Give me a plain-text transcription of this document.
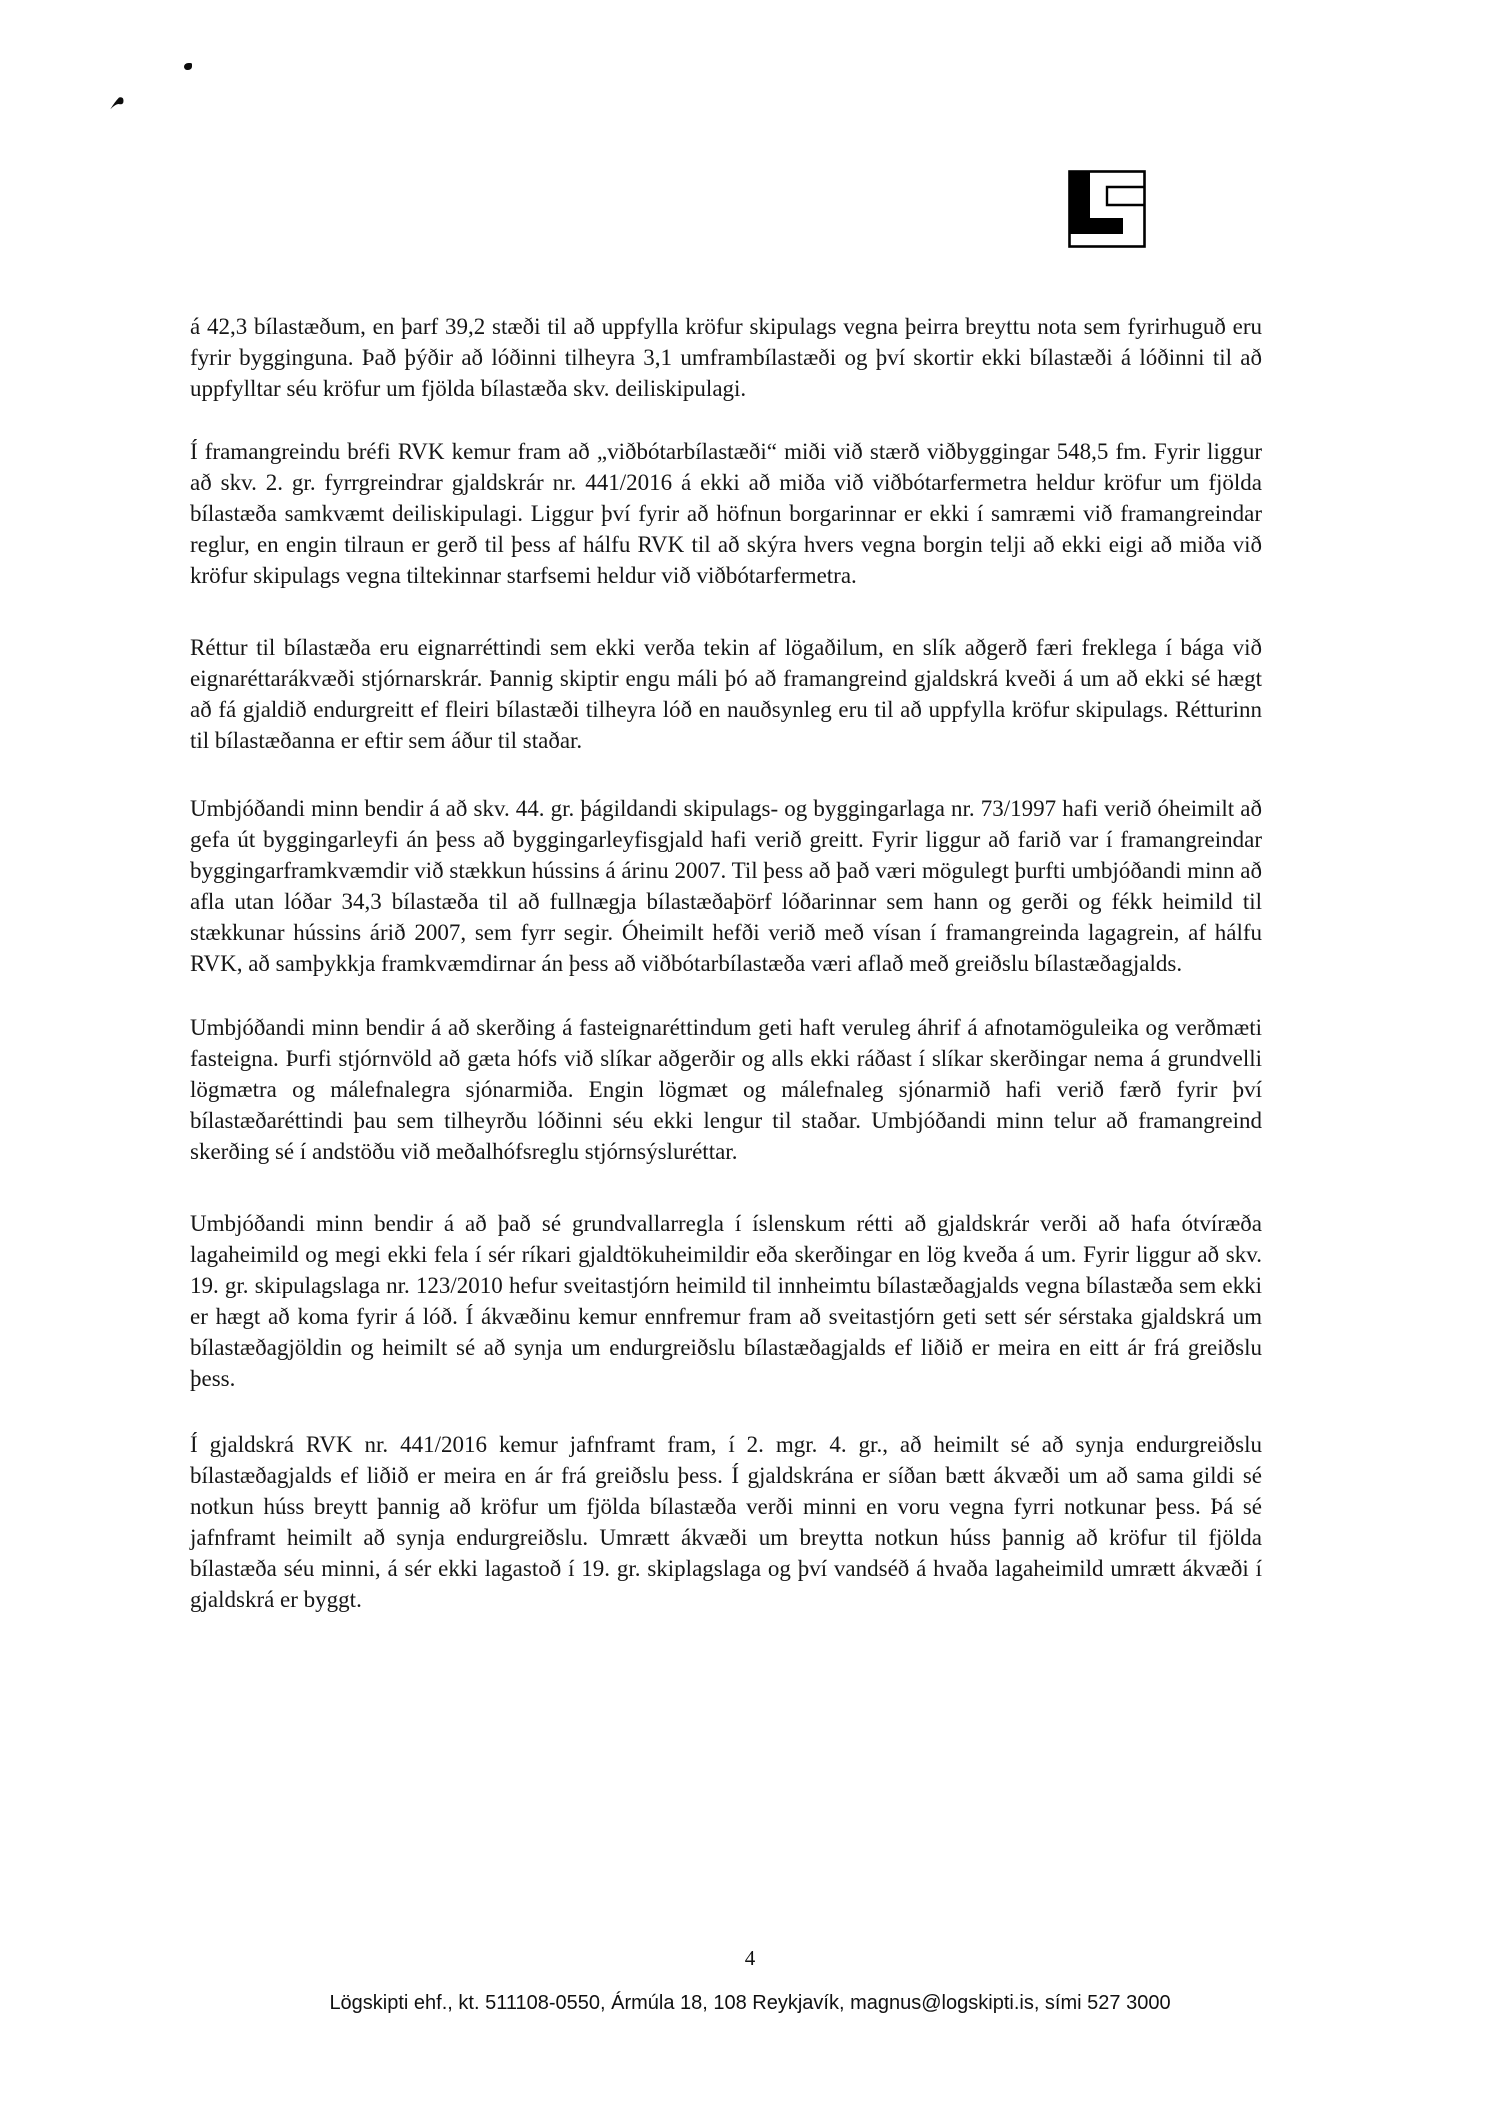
á 42,3 bílastæðum, en þarf 39,2 stæði til að uppfylla kröfur skipulags vegna þeirra breyttu nota sem fyrirhuguð eru fyrir bygginguna. Það þýðir að lóðinni tilheyra 3,1 umframbílastæði og því skortir ekki bílastæði á lóðinni til að uppfylltar séu kröfur um fjölda bílastæða skv. deiliskipulagi.

Í framangreindu bréfi RVK kemur fram að „viðbótarbílastæði“ miði við stærð viðbyggingar 548,5 fm. Fyrir liggur að skv. 2. gr. fyrrgreindrar gjaldskrár nr. 441/2016 á ekki að miða við viðbótarfermetra heldur kröfur um fjölda bílastæða samkvæmt deiliskipulagi. Liggur því fyrir að höfnun borgarinnar er ekki í samræmi við framangreindar reglur, en engin tilraun er gerð til þess af hálfu RVK til að skýra hvers vegna borgin telji að ekki eigi að miða við kröfur skipulags vegna tiltekinnar starfsemi heldur við viðbótarfermetra.

Réttur til bílastæða eru eignarréttindi sem ekki verða tekin af lögaðilum, en slík aðgerð færi freklega í bága við eignaréttarákvæði stjórnarskrár. Þannig skiptir engu máli þó að framangreind gjaldskrá kveði á um að ekki sé hægt að fá gjaldið endurgreitt ef fleiri bílastæði tilheyra lóð en nauðsynleg eru til að uppfylla kröfur skipulags. Rétturinn til bílastæðanna er eftir sem áður til staðar.

Umbjóðandi minn bendir á að skv. 44. gr. þágildandi skipulags- og byggingarlaga nr. 73/1997 hafi verið óheimilt að gefa út byggingarleyfi án þess að byggingarleyfisgjald hafi verið greitt. Fyrir liggur að farið var í framangreindar byggingarframkvæmdir við stækkun hússins á árinu 2007. Til þess að það væri mögulegt þurfti umbjóðandi minn að afla utan lóðar 34,3 bílastæða til að fullnægja bílastæðaþörf lóðarinnar sem hann og gerði og fékk heimild til stækkunar hússins árið 2007, sem fyrr segir. Óheimilt hefði verið með vísan í framangreinda lagagrein, af hálfu RVK, að samþykkja framkvæmdirnar án þess að viðbótarbílastæða væri aflað með greiðslu bílastæðagjalds.

Umbjóðandi minn bendir á að skerðing á fasteignaréttindum geti haft veruleg áhrif á afnotamöguleika og verðmæti fasteigna. Þurfi stjórnvöld að gæta hófs við slíkar aðgerðir og alls ekki ráðast í slíkar skerðingar nema á grundvelli lögmætra og málefnalegra sjónarmiða. Engin lögmæt og málefnaleg sjónarmið hafi verið færð fyrir því bílastæðaréttindi þau sem tilheyrðu lóðinni séu ekki lengur til staðar. Umbjóðandi minn telur að framangreind skerðing sé í andstöðu við meðalhófsreglu stjórnsýsluréttar.

Umbjóðandi minn bendir á að það sé grundvallarregla í íslenskum rétti að gjaldskrár verði að hafa ótvíræða lagaheimild og megi ekki fela í sér ríkari gjaldtökuheimildir eða skerðingar en lög kveða á um. Fyrir liggur að skv. 19. gr. skipulagslaga nr. 123/2010 hefur sveitastjórn heimild til innheimtu bílastæðagjalds vegna bílastæða sem ekki er hægt að koma fyrir á lóð. Í ákvæðinu kemur ennfremur fram að sveitastjórn geti sett sér sérstaka gjaldskrá um bílastæðagjöldin og heimilt sé að synja um endurgreiðslu bílastæðagjalds ef liðið er meira en eitt ár frá greiðslu þess.

Í gjaldskrá RVK nr. 441/2016 kemur jafnframt fram, í 2. mgr. 4. gr., að heimilt sé að synja endurgreiðslu bílastæðagjalds ef liðið er meira en ár frá greiðslu þess. Í gjaldskrána er síðan bætt ákvæði um að sama gildi sé notkun húss breytt þannig að kröfur um fjölda bílastæða verði minni en voru vegna fyrri notkunar þess. Þá sé jafnframt heimilt að synja endurgreiðslu. Umrætt ákvæði um breytta notkun húss þannig að kröfur til fjölda bílastæða séu minni, á sér ekki lagastoð í 19. gr. skiplagslaga og því vandséð á hvaða lagaheimild umrætt ákvæði í gjaldskrá er byggt.

4
Lögskipti ehf., kt. 511108-0550, Ármúla 18, 108 Reykjavík, magnus@logskipti.is, sími 527 3000
